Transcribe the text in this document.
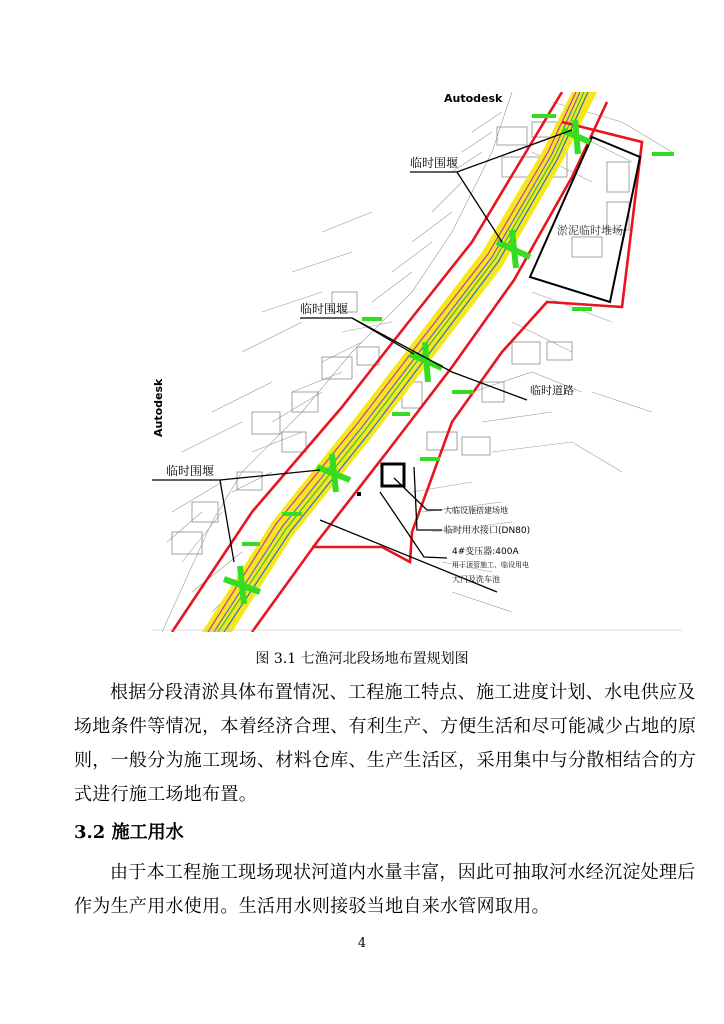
临时围堰
临时围堰
临时围堰
淤泥临时堆场
临时道路
大临设施搭建场地
临时用水接口(DN80)
4#变压器:400A
用于顶管施工、临设用电
大门及洗车池
Autodesk
Autodesk
图 3.1 七渔河北段场地布置规划图
根据分段清淤具体布置情况、工程施工特点、施工进度计划、水电供应及
场地条件等情况，本着经济合理、有利生产、方便生活和尽可能减少占地的原
则，一般分为施工现场、材料仓库、生产生活区，采用集中与分散相结合的方
式进行施工场地布置。
3.2 施工用水
由于本工程施工现场现状河道内水量丰富，因此可抽取河水经沉淀处理后
作为生产用水使用。生活用水则接驳当地自来水管网取用。
4
